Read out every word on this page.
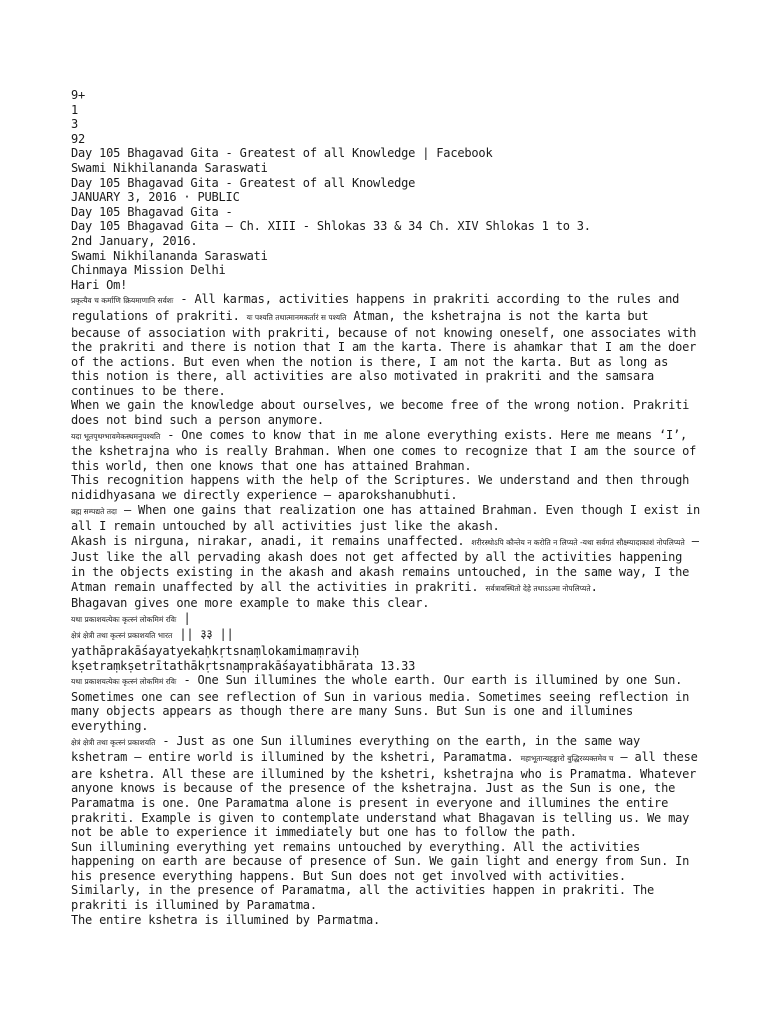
9+
1
3
92
Day 105 Bhagavad Gita - Greatest of all Knowledge | Facebook
Swami Nikhilananda Saraswati
Day 105 Bhagavad Gita - Greatest of all Knowledge
JANUARY 3, 2016 · PUBLIC
Day 105 Bhagavad Gita -
Day 105 Bhagavad Gita – Ch. XIII - Shlokas 33 & 34 Ch. XIV Shlokas 1 to 3.
2nd January, 2016.
Swami Nikhilananda Saraswati
Chinmaya Mission Delhi
Hari Om!
प्रकृत्यैव च कर्माणि क्रियमाणानि सर्वशः - All karmas, activities happens in prakriti according to the rules and regulations of prakriti. यः पश्यति तथात्मानमकर्तारं स पश्यति Atman, the kshetrajna is not the karta but because of association with prakriti, because of not knowing oneself, one associates with the prakriti and there is notion that I am the karta. There is ahamkar that I am the doer of the actions. But even when the notion is there, I am not the karta. But as long as this notion is there, all activities are also motivated in prakriti and the samsara continues to be there.
When we gain the knowledge about ourselves, we become free of the wrong notion. Prakriti does not bind such a person anymore.
यदा भूतपृथग्भावमेकस्थमनुपश्यति - One comes to know that in me alone everything exists. Here me means ‘I’, the kshetrajna who is really Brahman. When one comes to recognize that I am the source of this world, then one knows that one has attained Brahman.
This recognition happens with the help of the Scriptures. We understand and then through nididhyasana we directly experience – aparokshanubhuti.
ब्रह्म सम्पद्यते तदा – When one gains that realization one has attained Brahman. Even though I exist in all I remain untouched by all activities just like the akash.
Akash is nirguna, nirakar, anadi, it remains unaffected. शरीरस्थोऽपि कौन्तेय न करोति न लिप्यते -यथा सर्वगतं सौक्ष्म्यादाकाशं नोपलिप्यते – Just like the all pervading akash does not get affected by all the activities happening in the objects existing in the akash and akash remains untouched, in the same way, I the Atman remain unaffected by all the activities in prakriti. सर्वत्रावस्थितो देहे तथाऽऽत्मा नोपलिप्यते.
Bhagavan gives one more example to make this clear.
यथा प्रकाशयत्येकः कृत्स्नं लोकमिमं रविः |
क्षेत्रं क्षेत्री तथा कृत्स्नं प्रकाशयति भारत || ३३ ||
yathāprakāśayatyekaḥkṛtsnaṃlokamimaṃraviḥ
kṣetraṃkṣetrītathākṛtsnaṃprakāśayatibhārata 13.33
यथा प्रकाशयत्येकः कृत्स्नं लोकमिमं रविः - One Sun illumines the whole earth. Our earth is illumined by one Sun. Sometimes one can see reflection of Sun in various media. Sometimes seeing reflection in many objects appears as though there are many Suns. But Sun is one and illumines everything.
क्षेत्रं क्षेत्री तथा कृत्स्नं प्रकाशयति - Just as one Sun illumines everything on the earth, in the same way kshetram – entire world is illumined by the kshetri, Paramatma. महाभूतान्यहङ्कारो बुद्धिरव्यक्तमेव च – all these are kshetra. All these are illumined by the kshetri, kshetrajna who is Pramatma. Whatever anyone knows is because of the presence of the kshetrajna. Just as the Sun is one, the Paramatma is one. One Paramatma alone is present in everyone and illumines the entire prakriti. Example is given to contemplate understand what Bhagavan is telling us. We may not be able to experience it immediately but one has to follow the path.
Sun illumining everything yet remains untouched by everything. All the activities happening on earth are because of presence of Sun. We gain light and energy from Sun. In his presence everything happens. But Sun does not get involved with activities. Similarly, in the presence of Paramatma, all the activities happen in prakriti. The prakriti is illumined by Paramatma.
The entire kshetra is illumined by Parmatma.
